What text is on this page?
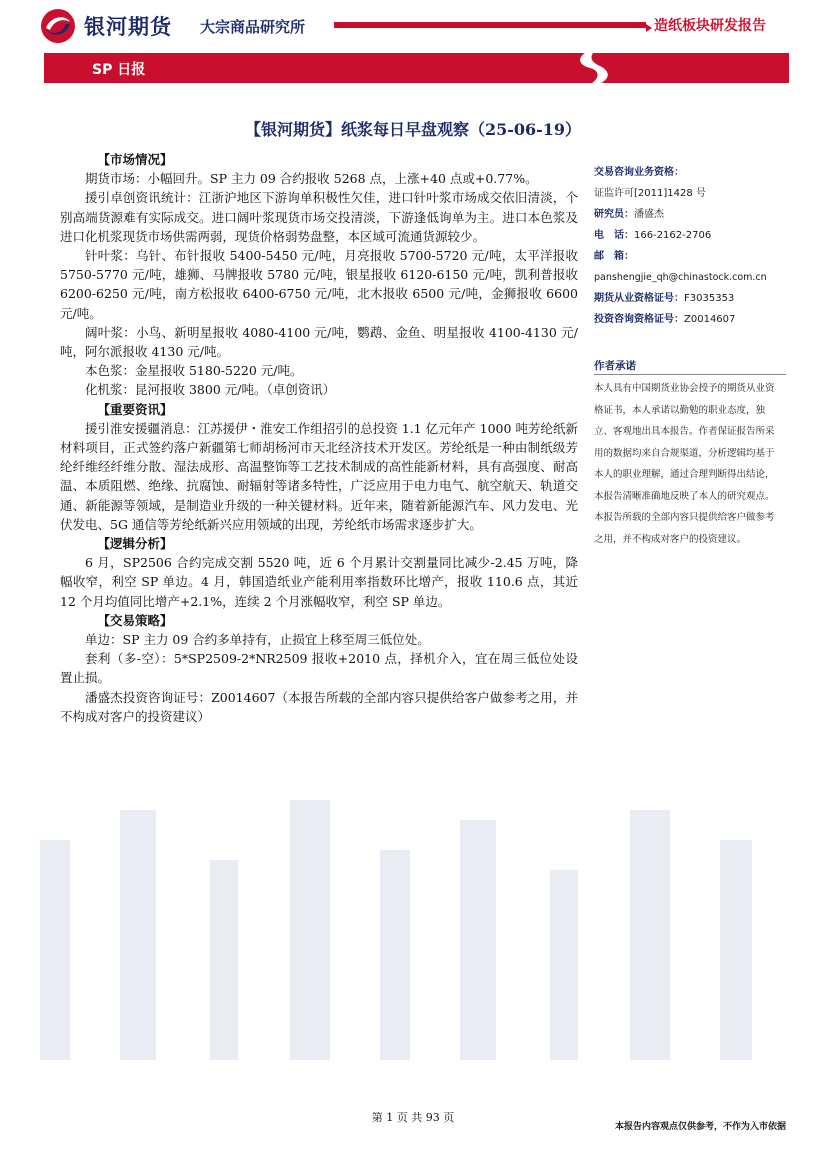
银河期货 大宗商品研究所	造纸板块研发报告
SP 日报
【银河期货】纸浆每日早盘观察（25-06-19）

【市场情况】

期货市场：小幅回升。SP 主力 09 合约报收 5268 点，上涨+40 点或+0.77%。

援引卓创资讯统计：江浙沪地区下游询单积极性欠佳，进口针叶浆市场成交依旧清淡，个别高端货源难有实际成交。进口阔叶浆现货市场交投清淡，下游逢低询单为主。进口本色浆及进口化机浆现货市场供需两弱，现货价格弱势盘整，本区域可流通货源较少。

针叶浆：乌针、布针报收 5400-5450 元/吨，月亮报收 5700-5720 元/吨，太平洋报收 5750-5770 元/吨，雄狮、马牌报收 5780 元/吨，银星报收 6120-6150 元/吨，凯利普报收 6200-6250 元/吨，南方松报收 6400-6750 元/吨，北木报收 6500 元/吨，金狮报收 6600 元/吨。

阔叶浆：小鸟、新明星报收 4080-4100 元/吨，鹦鹉、金鱼、明星报收 4100-4130 元/吨，阿尔派报收 4130 元/吨。

本色浆：金星报收 5180-5220 元/吨。

化机浆：昆河报收 3800 元/吨。（卓创资讯）

【重要资讯】

援引淮安援疆消息：江苏援伊・淮安工作组招引的总投资 1.1 亿元年产 1000 吨芳纶纸新材料项目，正式签约落户新疆第七师胡杨河市天北经济技术开发区。芳纶纸是一种由制纸级芳纶纤维经纤维分散、湿法成形、高温整饰等工艺技术制成的高性能新材料，具有高强度、耐高温、本质阻燃、绝缘、抗腐蚀、耐辐射等诸多特性，广泛应用于电力电气、航空航天、轨道交通、新能源等领域，是制造业升级的一种关键材料。近年来，随着新能源汽车、风力发电、光伏发电、5G 通信等芳纶纸新兴应用领域的出现，芳纶纸市场需求逐步扩大。

【逻辑分析】

6 月，SP2506 合约完成交割 5520 吨，近 6 个月累计交割量同比减少-2.45 万吨，降幅收窄，利空 SP 单边。4 月，韩国造纸业产能利用率指数环比增产，报收 110.6 点，其近 12 个月均值同比增产+2.1%，连续 2 个月涨幅收窄，利空 SP 单边。

【交易策略】

单边：SP 主力 09 合约多单持有，止损宜上移至周三低位处。

套利（多-空）：5*SP2509-2*NR2509 报收+2010 点，择机介入，宜在周三低位处设置止损。

潘盛杰投资咨询证号：Z0014607（本报告所载的全部内容只提供给客户做参考之用，并不构成对客户的投资建议）

交易咨询业务资格：
证监许可[2011]1428 号
研究员：潘盛杰
电　话：166-2162-2706
邮　箱：
panshengjie_qh@chinastock.com.cn
期货从业资格证号：F3035353
投资咨询资格证号：Z0014607
作者承诺
本人具有中国期货业协会授予的期货从业资格证书，本人承诺以勤勉的职业态度，独立、客观地出具本报告。作者保证报告所采用的数据均来自合规渠道，分析逻辑均基于本人的职业理解，通过合理判断得出结论，本报告清晰准确地反映了本人的研究观点。本报告所载的全部内容只提供给客户做参考之用，并不构成对客户的投资建议。
第 1 页 共 93 页
本报告内容观点仅供参考，不作为入市依据
